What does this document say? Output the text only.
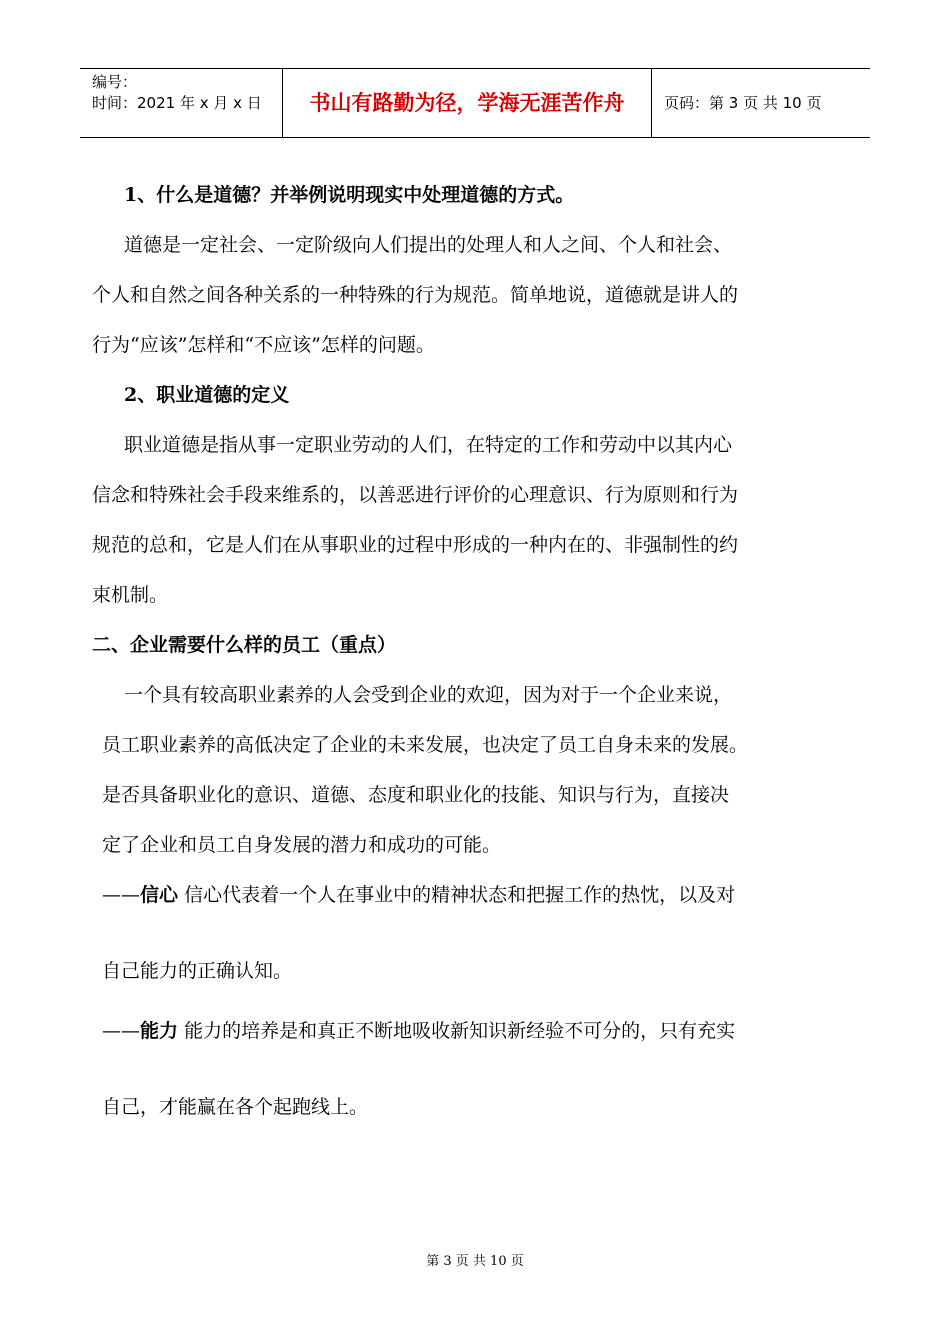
编号：
时间：2021 年 x 月 x 日	书山有路勤为径，学海无涯苦作舟	页码：第 3 页 共 10 页
1、什么是道德？并举例说明现实中处理道德的方式。
道德是一定社会、一定阶级向人们提出的处理人和人之间、个人和社会、
个人和自然之间各种关系的一种特殊的行为规范。简单地说，道德就是讲人的
行为“应该”怎样和“不应该”怎样的问题。
2、职业道德的定义
职业道德是指从事一定职业劳动的人们，在特定的工作和劳动中以其内心
信念和特殊社会手段来维系的，以善恶进行评价的心理意识、行为原则和行为
规范的总和，它是人们在从事职业的过程中形成的一种内在的、非强制性的约
束机制。
二、企业需要什么样的员工（重点）
一个具有较高职业素养的人会受到企业的欢迎，因为对于一个企业来说，
员工职业素养的高低决定了企业的未来发展，也决定了员工自身未来的发展。
是否具备职业化的意识、道德、态度和职业化的技能、知识与行为，直接决
定了企业和员工自身发展的潜力和成功的可能。
——信心 信心代表着一个人在事业中的精神状态和把握工作的热忱，以及对
自己能力的正确认知。
——能力 能力的培养是和真正不断地吸收新知识新经验不可分的，只有充实
自己，才能赢在各个起跑线上。
第 3 页 共 10 页
